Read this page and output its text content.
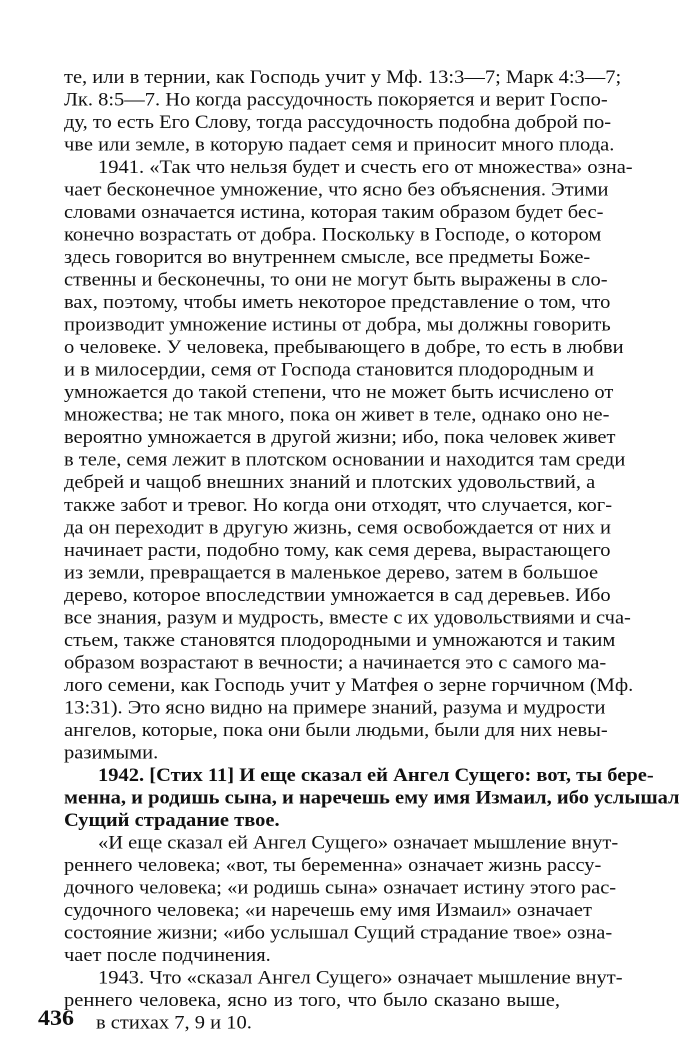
те, или в тернии, как Господь учит у Мф. 13:3—7; Марк 4:3—7;
Лк. 8:5—7. Но когда рассудочность покоряется и верит Госпо-
ду, то есть Его Слову, тогда рассудочность подобна доброй по-
чве или земле, в которую падает семя и приносит много плода.
1941. «Так что нельзя будет и счесть его от множества» озна-
чает бесконечное умножение, что ясно без объяснения. Этими
словами означается истина, которая таким образом будет бес-
конечно возрастать от добра. Поскольку в Господе, о котором
здесь говорится во внутреннем смысле, все предметы Боже-
ственны и бесконечны, то они не могут быть выражены в сло-
вах, поэтому, чтобы иметь некоторое представление о том, что
производит умножение истины от добра, мы должны говорить
о человеке. У человека, пребывающего в добре, то есть в любви
и в милосердии, семя от Господа становится плодородным и
умножается до такой степени, что не может быть исчислено от
множества; не так много, пока он живет в теле, однако оно не-
вероятно умножается в другой жизни; ибо, пока человек живет
в теле, семя лежит в плотском основании и находится там среди
дебрей и чащоб внешних знаний и плотских удовольствий, а
также забот и тревог. Но когда они отходят, что случается, ког-
да он переходит в другую жизнь, семя освобождается от них и
начинает расти, подобно тому, как семя дерева, вырастающего
из земли, превращается в маленькое дерево, затем в большое
дерево, которое впоследствии умножается в сад деревьев. Ибо
все знания, разум и мудрость, вместе с их удовольствиями и сча-
стьем, также становятся плодородными и умножаются и таким
образом возрастают в вечности; а начинается это с самого ма-
лого семени, как Господь учит у Матфея о зерне горчичном (Мф.
13:31). Это ясно видно на примере знаний, разума и мудрости
ангелов, которые, пока они были людьми, были для них невы-
разимыми.
1942. [Стих 11] И еще сказал ей Ангел Сущего: вот, ты бере-
менна, и родишь сына, и наречешь ему имя Измаил, ибо услышал
Сущий страдание твое.
«И еще сказал ей Ангел Сущего» означает мышление внут-
реннего человека; «вот, ты беременна» означает жизнь рассу-
дочного человека; «и родишь сына» означает истину этого рас-
судочного человека; «и наречешь ему имя Измаил» означает
состояние жизни; «ибо услышал Сущий страдание твое» озна-
чает после подчинения.
1943. Что «сказал Ангел Сущего» означает мышление внут-
реннего человека, ясно из того, что было сказано выше,
в стихах 7, 9 и 10.
436
